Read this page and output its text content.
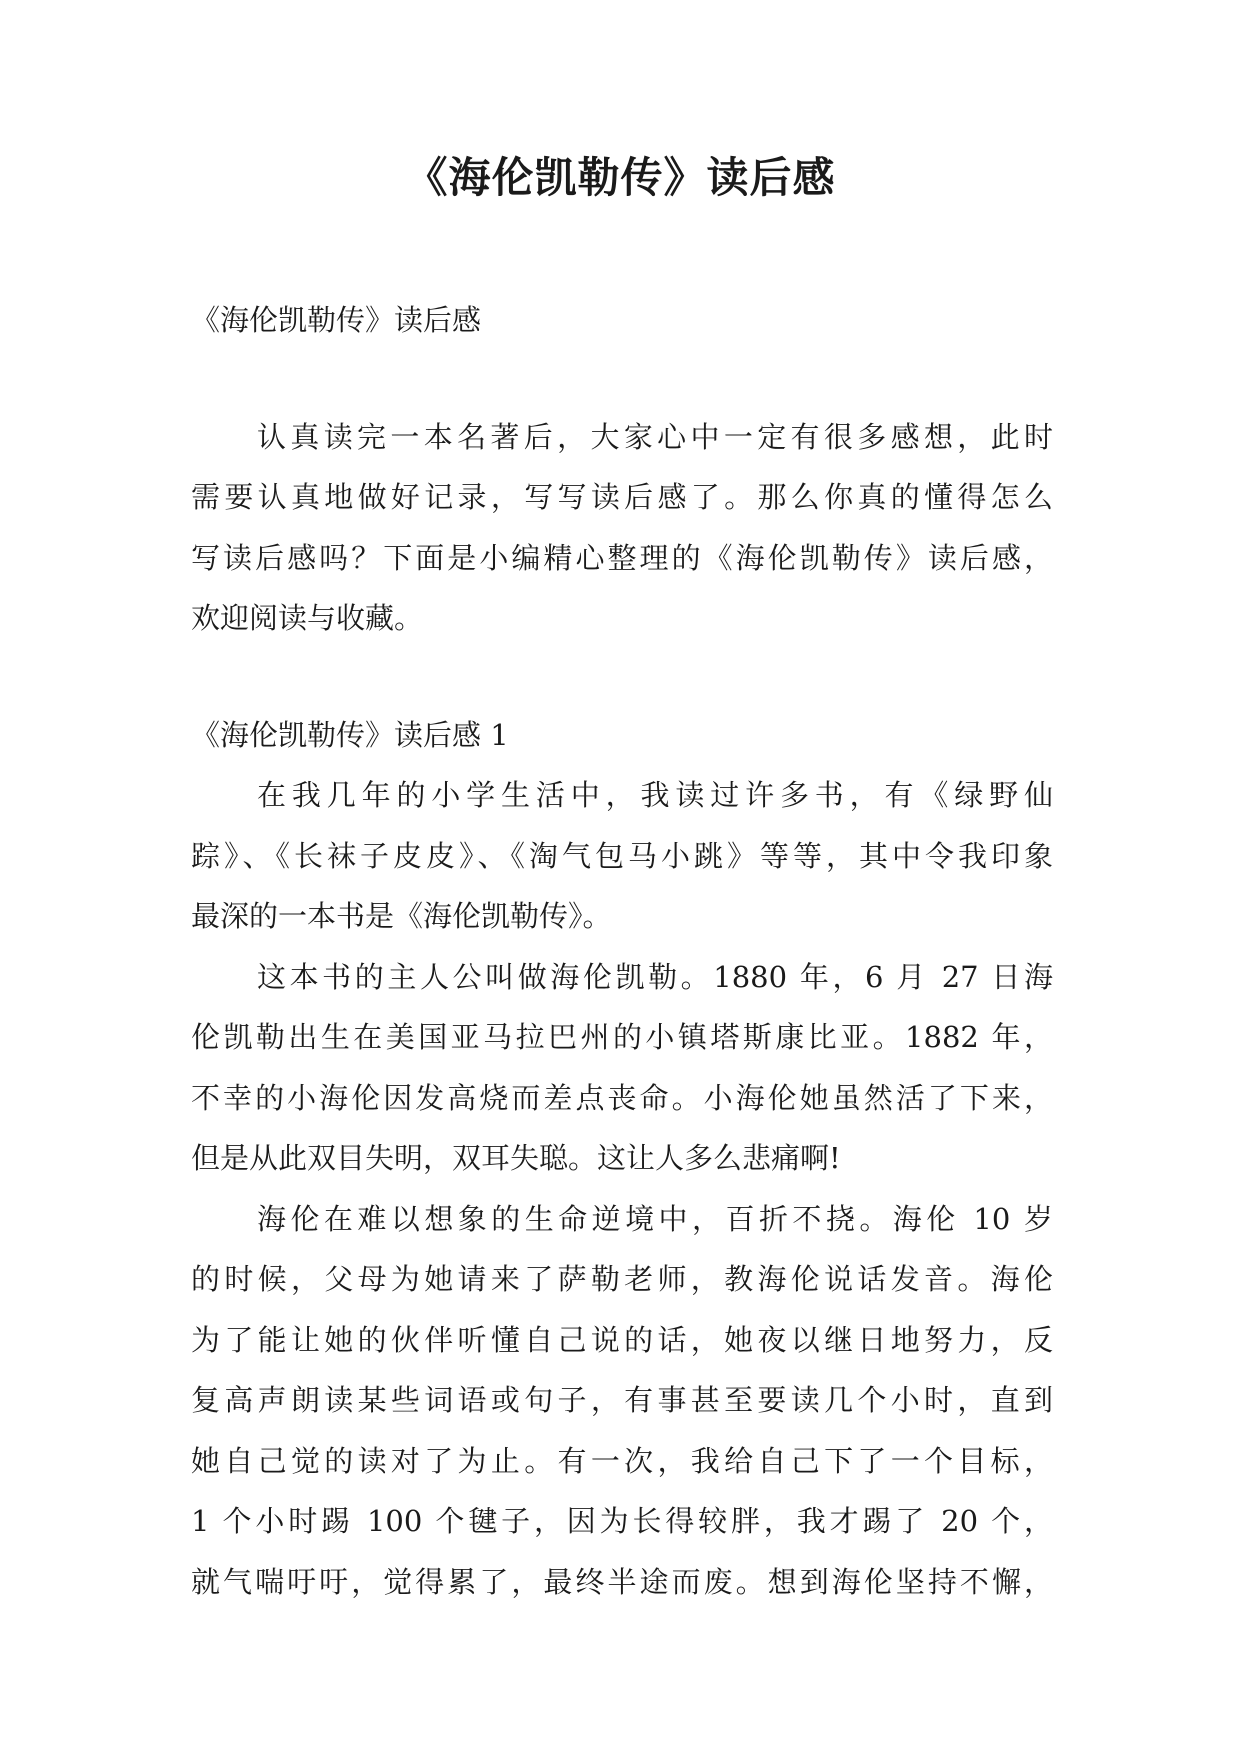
《海伦凯勒传》读后感
《海伦凯勒传》读后感
认真读完一本名著后，大家心中一定有很多感想，此时
需要认真地做好记录，写写读后感了。那么你真的懂得怎么
写读后感吗？下面是小编精心整理的《海伦凯勒传》读后感，
欢迎阅读与收藏。
《海伦凯勒传》读后感 1
在我几年的小学生活中，我读过许多书，有《绿野仙
踪》、《长袜子皮皮》、《淘气包马小跳》等等，其中令我印象
最深的一本书是《海伦凯勒传》。
这本书的主人公叫做海伦凯勒。1880 年，6 月 27 日海
伦凯勒出生在美国亚马拉巴州的小镇塔斯康比亚。1882 年，
不幸的小海伦因发高烧而差点丧命。小海伦她虽然活了下来，
但是从此双目失明，双耳失聪。这让人多么悲痛啊!
海伦在难以想象的生命逆境中，百折不挠。海伦 10 岁
的时候，父母为她请来了萨勒老师，教海伦说话发音。海伦
为了能让她的伙伴听懂自己说的话，她夜以继日地努力，反
复高声朗读某些词语或句子，有事甚至要读几个小时，直到
她自己觉的读对了为止。有一次，我给自己下了一个目标，
1 个小时踢 100 个毽子，因为长得较胖，我才踢了 20 个，
就气喘吁吁，觉得累了，最终半途而废。想到海伦坚持不懈，
